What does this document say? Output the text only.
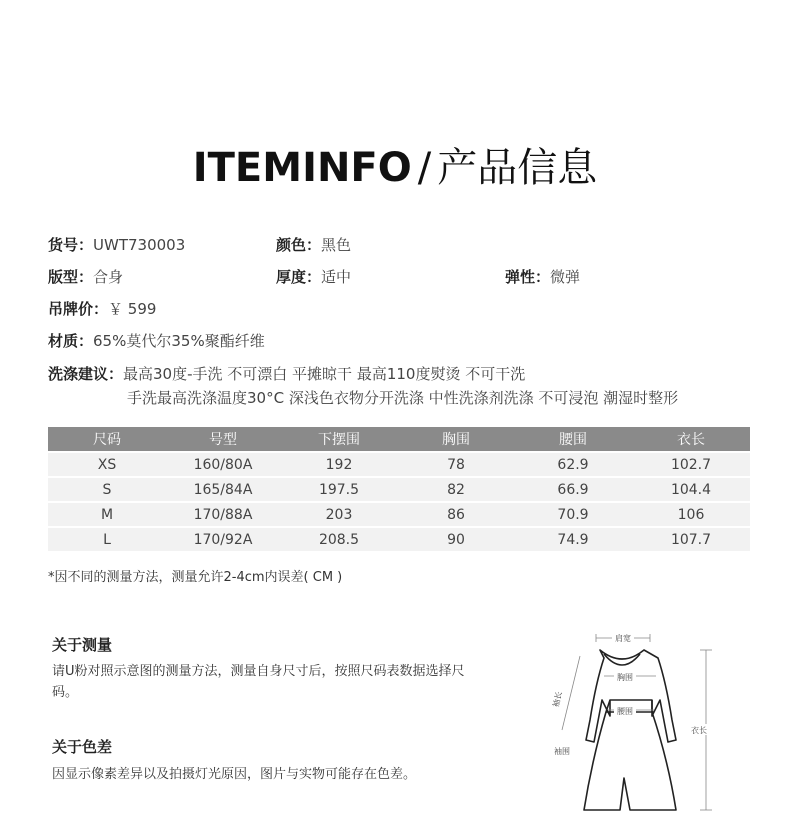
ITEMINFO / 产品信息
货号：UWT730003	颜色：黑色
版型：合身	厚度：适中	弹性：微弹
吊牌价：￥ 599
材质：65%莫代尔35%聚酯纤维
洗涤建议：最高30度-手洗 不可漂白 平摊晾干 最高110度熨烫 不可干洗
手洗最高洗涤温度30°C 深浅色衣物分开洗涤 中性洗涤剂洗涤 不可浸泡 潮湿时整形
尺码	号型	下摆围	胸围	腰围	衣长
XS	160/80A	192	78	62.9	102.7
S	165/84A	197.5	82	66.9	104.4
M	170/88A	203	86	70.9	106
L	170/92A	208.5	90	74.9	107.7
*因不同的测量方法，测量允许2-4cm内误差( CM )
关于测量
请U粉对照示意图的测量方法，测量自身尺寸后，按照尺码表数据选择尺码。
关于色差
因显示像素差异以及拍摄灯光原因，图片与实物可能存在色差。
肩宽
胸围
腰围
袖长
袖围
衣长
